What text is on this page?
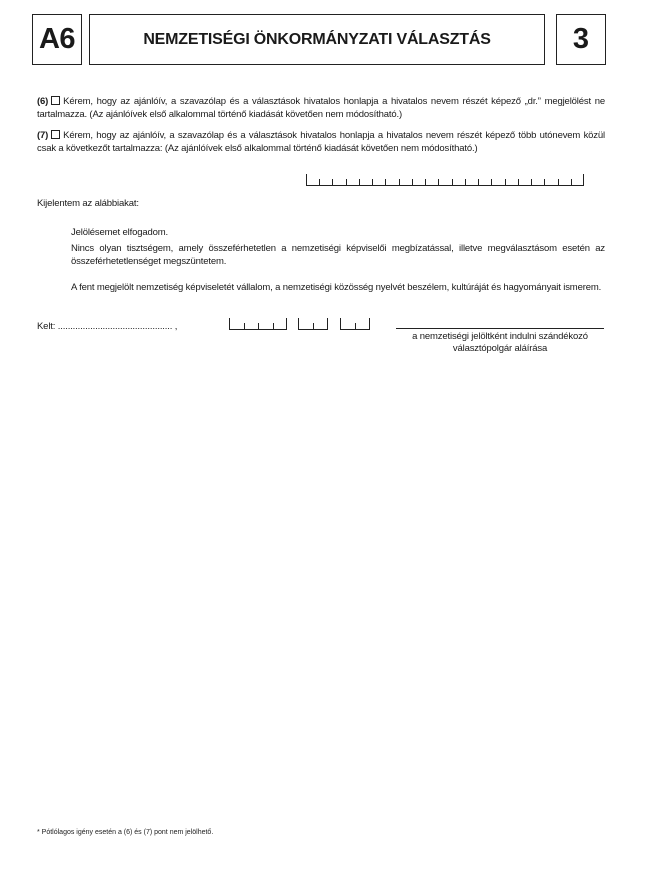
A6	NEMZETISÉGI ÖNKORMÁNYZATI VÁLASZTÁS	3

(6) Kérem, hogy az ajánlóív, a szavazólap és a választások hivatalos honlapja a hivatalos nevem részét képező „dr.” megjelölést ne tartalmazza. (Az ajánlóívek első alkalommal történő kiadását követően nem módosítható.)

(7) Kérem, hogy az ajánlóív, a szavazólap és a választások hivatalos honlapja a hivatalos nevem részét képező több utónevem közül csak a következőt tartalmazza: (Az ajánlóívek első alkalommal történő kiadását követően nem módosítható.)

Kijelentem az alábbiakat:

Jelölésemet elfogadom.

Nincs olyan tisztségem, amely összeférhetetlen a nemzetiségi képviselői megbízatással, illetve megválasztásom esetén az összeférhetetlenséget megszüntetem.

A fent megjelölt nemzetiség képviseletét vállalom, a nemzetiségi közösség nyelvét beszélem, kultúráját és hagyományait ismerem.

Kelt: .............................................. ,

a nemzetiségi jelöltként indulni szándékozó
választópolgár aláírása

* Pótlólagos igény esetén a (6) és (7) pont nem jelölhető.
